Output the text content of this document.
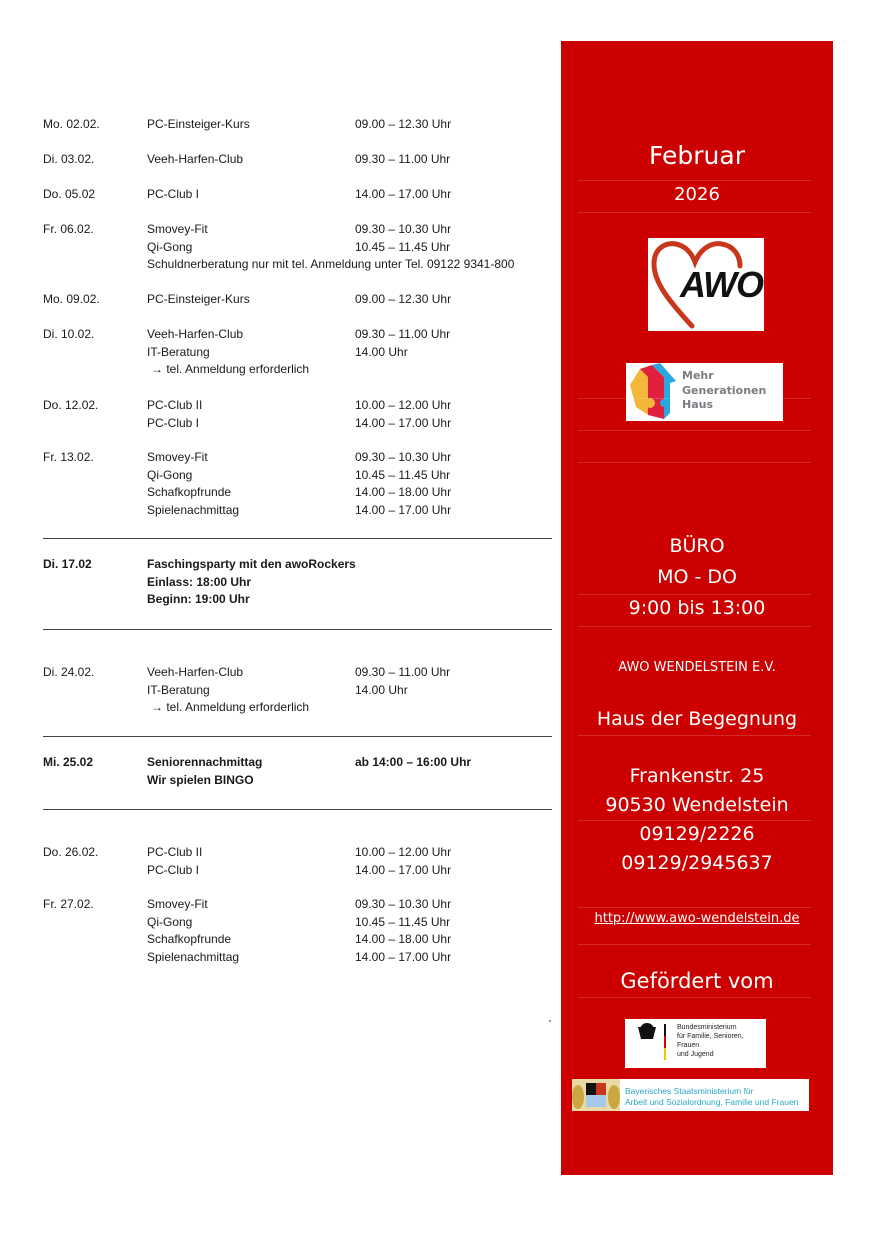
Mo. 02.02.	PC-Einsteiger-Kurs	09.00 – 12.30 Uhr
Di. 03.02.	Veeh-Harfen-Club	09.30 – 11.00 Uhr
Do. 05.02	PC-Club I	14.00 – 17.00 Uhr
Fr. 06.02.	Smovey-Fit	09.30 – 10.30 Uhr
Qi-Gong	10.45 – 11.45 Uhr
Schuldnerberatung nur mit tel. Anmeldung unter Tel. 09122 9341-800
Mo. 09.02.	PC-Einsteiger-Kurs	09.00 – 12.30 Uhr
Di. 10.02.	Veeh-Harfen-Club	09.30 – 11.00 Uhr
IT-Beratung	14.00 Uhr
→ tel. Anmeldung erforderlich
Do. 12.02.	PC-Club II	10.00 – 12.00 Uhr
PC-Club I	14.00 – 17.00 Uhr
Fr. 13.02.	Smovey-Fit	09.30 – 10.30 Uhr
Qi-Gong	10.45 – 11.45 Uhr
Schafkopfrunde	14.00 – 18.00 Uhr
Spielenachmittag	14.00 – 17.00 Uhr
Di. 17.02	Faschingsparty mit den awoRockers
Einlass: 18:00 Uhr
Beginn: 19:00 Uhr
Di. 24.02.	Veeh-Harfen-Club	09.30 – 11.00 Uhr
IT-Beratung	14.00 Uhr
→ tel. Anmeldung erforderlich
Mi. 25.02	Seniorennachmittag	ab 14:00 – 16:00 Uhr
Wir spielen BINGO
Do. 26.02.	PC-Club II	10.00 – 12.00 Uhr
PC-Club I	14.00 – 17.00 Uhr
Fr. 27.02.	Smovey-Fit	09.30 – 10.30 Uhr
Qi-Gong	10.45 – 11.45 Uhr
Schafkopfrunde	14.00 – 18.00 Uhr
Spielenachmittag	14.00 – 17.00 Uhr
Februar
2026
AWO
Mehr
Generationen
Haus
BÜRO
MO - DO
9:00 bis 13:00
AWO WENDELSTEIN E.V.
Haus der Begegnung
Frankenstr. 25
90530 Wendelstein
09129/2226
09129/2945637
http://www.awo-wendelstein.de
Gefördert vom
Bundesministerium
für Familie, Senioren, Frauen
und Jugend
Bayerisches Staatsministerium für
Arbeit und Sozialordnung, Familie und Frauen
